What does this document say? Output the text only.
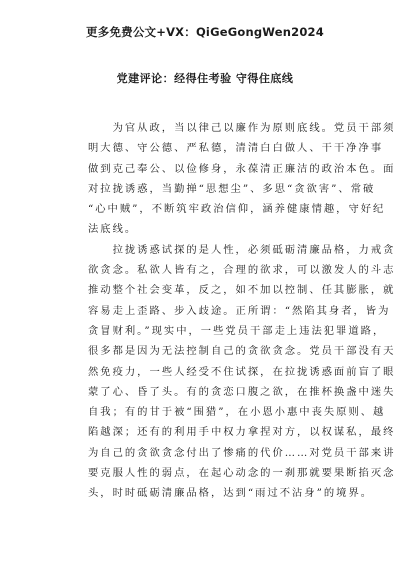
更多免费公文+VX：QiGeGongWen2024
党建评论：经得住考验 守得住底线

　　为官从政，当以律己以廉作为原则底线。党员干部须
明大德、守公德、严私德，清清白白做人、干干净净事
做到克己奉公、以俭修身，永葆清正廉洁的政治本色。面
对拉拢诱惑，当勤掸“思想尘”、多思“贪欲害”、常破
“心中贼”，不断筑牢政治信仰，涵养健康情趣，守好纪
法底线。

　　拉拢诱惑试探的是人性，必须砥砺清廉品格，力戒贪
欲贪念。私欲人皆有之，合理的欲求，可以激发人的斗志
推动整个社会变革，反之，如不加以控制、任其膨胀，就
容易走上歪路、步入歧途。正所谓：“然陷其身者，皆为
贪冒财利。”现实中，一些党员干部走上违法犯罪道路，
很多都是因为无法控制自己的贪欲贪念。党员干部没有天
然免疫力，一些人经受不住试探，在拉拢诱惑面前盲了眼
蒙了心、昏了头。有的贪恋口腹之欲，在推杯换盏中迷失
自我；有的甘于被“围猎”，在小恩小惠中丧失原则、越
陷越深；还有的利用手中权力拿捏对方，以权谋私，最终
为自己的贪欲贪念付出了惨痛的代价……对党员干部来讲
要克服人性的弱点，在起心动念的一刹那就要果断掐灭念
头，时时砥砺清廉品格，达到“雨过不沾身”的境界。
